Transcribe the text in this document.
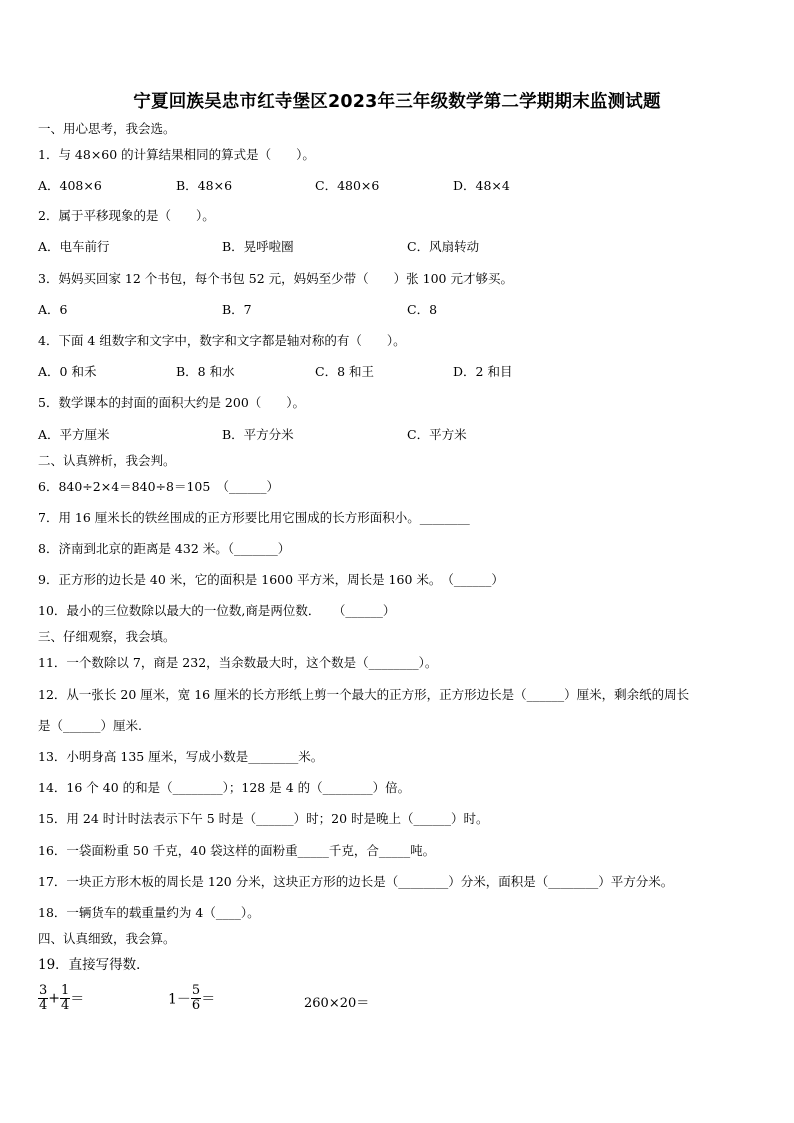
宁夏回族吴忠市红寺堡区2023年三年级数学第二学期期末监测试题
一、用心思考，我会选。
1．与 48×60 的计算结果相同的算式是（　　）。
A．408×6	B．48×6	C．480×6	D．48×4
2．属于平移现象的是（　　）。
A．电车前行	B．晃呼啦圈	C．风扇转动
3．妈妈买回家 12 个书包，每个书包 52 元，妈妈至少带（　　）张 100 元才够买。
A．6	B．7	C．8
4．下面 4 组数字和文字中，数字和文字都是轴对称的有（　　）。
A．0 和禾	B．8 和水	C．8 和王	D．2 和目
5．数学课本的封面的面积大约是 200（　　）。
A．平方厘米	B．平方分米	C．平方米
二、认真辨析，我会判。
6．840÷2×4＝840÷8＝105　（______）
7．用 16 厘米长的铁丝围成的正方形要比用它围成的长方形面积小。________
8．济南到北京的距离是 432 米。（_______）
9．正方形的边长是 40 米，它的面积是 1600 平方米，周长是 160 米。　（______）
10．最小的三位数除以最大的一位数,商是两位数．　　（______）
三、仔细观察，我会填。
11．一个数除以 7，商是 232，当余数最大时，这个数是（________）。
12．从一张长 20 厘米，宽 16 厘米的长方形纸上剪一个最大的正方形，正方形边长是（______）厘米，剩余纸的周长
是（______）厘米.
13．小明身高 135 厘米，写成小数是________米。
14．16 个 40 的和是（________）；128 是 4 的（________）倍。
15．用 24 时计时法表示下午 5 时是（______）时；20 时是晚上（______）时。
16．一袋面粉重 50 千克，40 袋这样的面粉重_____千克，合_____吨。
17．一块正方形木板的周长是 120 分米，这块正方形的边长是（________）分米，面积是（________）平方分米。
18．一辆货车的载重量约为 4（____）。
四、认真细致，我会算。
19．直接写得数．
$\frac{3}{4} + \frac{1}{4}$ ＝	$1- \frac{5}{6}$ ＝	260×20＝
